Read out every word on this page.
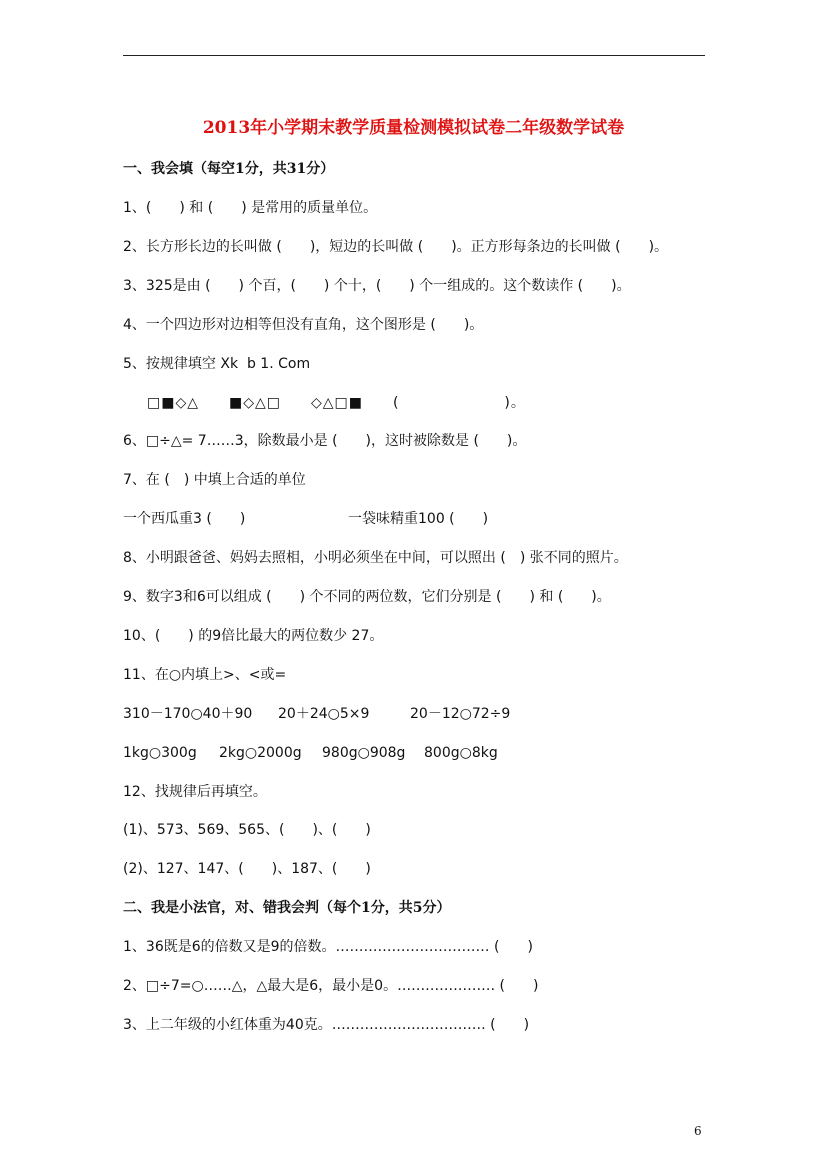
2013年小学期末教学质量检测模拟试卷二年级数学试卷
一、我会填（每空1分，共31分）
1、(　　) 和 (　　) 是常用的质量单位。
2、长方形长边的长叫做 (　　)，短边的长叫做 (　　)。正方形每条边的长叫做 (　　)。
3、325是由 (　　) 个百，(　　) 个十，(　　) 个一组成的。这个数读作 (　　)。
4、一个四边形对边相等但没有直角，这个图形是 (　　)。
5、按规律填空 Xk  b 1. Com
□■◇△　　■◇△□　　◇△□■　　(　　　　　　　)。
6、□÷△= 7……3，除数最小是 (　　)，这时被除数是 (　　)。
7、在 (　) 中填上合适的单位
一个西瓜重3 (　　)	一袋味精重100 (　　)
8、小明跟爸爸、妈妈去照相，小明必须坐在中间，可以照出 (　) 张不同的照片。
9、数字3和6可以组成 (　　) 个不同的两位数，它们分别是 (　　) 和 (　　)。
10、(　　) 的9倍比最大的两位数少 27。
11、在○内填上>、<或=
310－170○40＋90 20＋24○5×9	20－12○72÷9
1kg○300g 2kg○2000g 980g○908g 800g○8kg
12、找规律后再填空。
(1)、573、569、565、(　　)、(　　)
(2)、127、147、(　　)、187、(　　)
二、我是小法官，对、错我会判（每个1分，共5分）
1、36既是6的倍数又是9的倍数。…………………………… (　　)
2、□÷7=○……△，△最大是6，最小是0。………………… (　　)
3、上二年级的小红体重为40克。…………………………… (　　)
6
